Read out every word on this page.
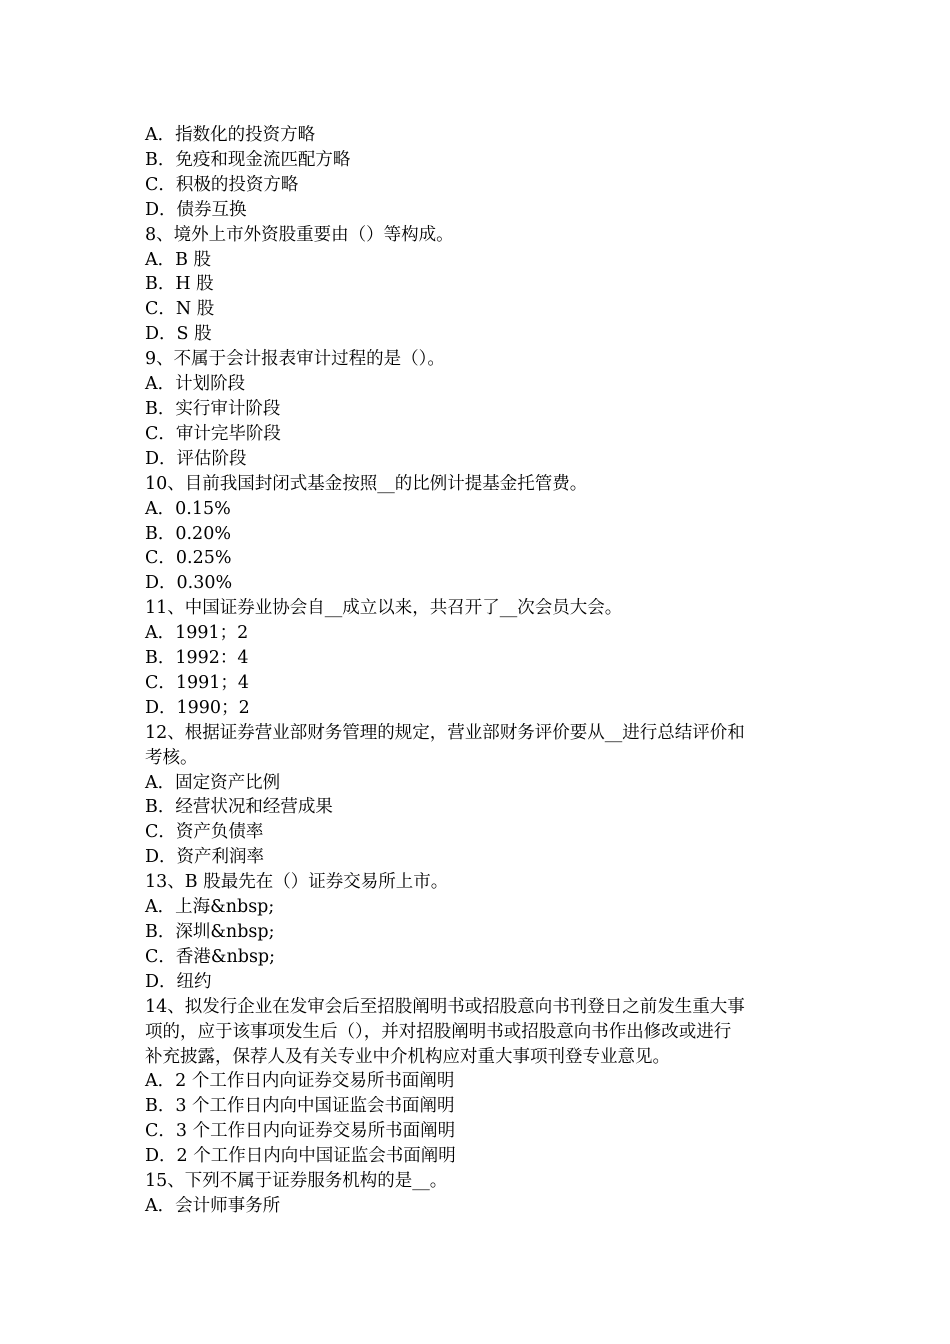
A．指数化的投资方略
B．免疫和现金流匹配方略
C．积极的投资方略
D．债券互换
8、境外上市外资股重要由（）等构成。
A．B 股
B．H 股
C．N 股
D．S 股
9、不属于会计报表审计过程的是（）。
A．计划阶段
B．实行审计阶段
C．审计完毕阶段
D．评估阶段
10、目前我国封闭式基金按照__的比例计提基金托管费。
A．0.15%
B．0.20%
C．0.25%
D．0.30%
11、中国证券业协会自__成立以来，共召开了__次会员大会。
A．1991；2
B．1992：4
C．1991；4
D．1990；2
12、根据证券营业部财务管理的规定，营业部财务评价要从__进行总结评价和
考核。
A．固定资产比例
B．经营状况和经营成果
C．资产负债率
D．资产利润率
13、B 股最先在（）证券交易所上市。
A．上海&nbsp;
B．深圳&nbsp;
C．香港&nbsp;
D．纽约
14、拟发行企业在发审会后至招股阐明书或招股意向书刊登日之前发生重大事
项的，应于该事项发生后（），并对招股阐明书或招股意向书作出修改或进行
补充披露，保荐人及有关专业中介机构应对重大事项刊登专业意见。
A．2 个工作日内向证券交易所书面阐明
B．3 个工作日内向中国证监会书面阐明
C．3 个工作日内向证券交易所书面阐明
D．2 个工作日内向中国证监会书面阐明
15、下列不属于证券服务机构的是__。
A．会计师事务所
